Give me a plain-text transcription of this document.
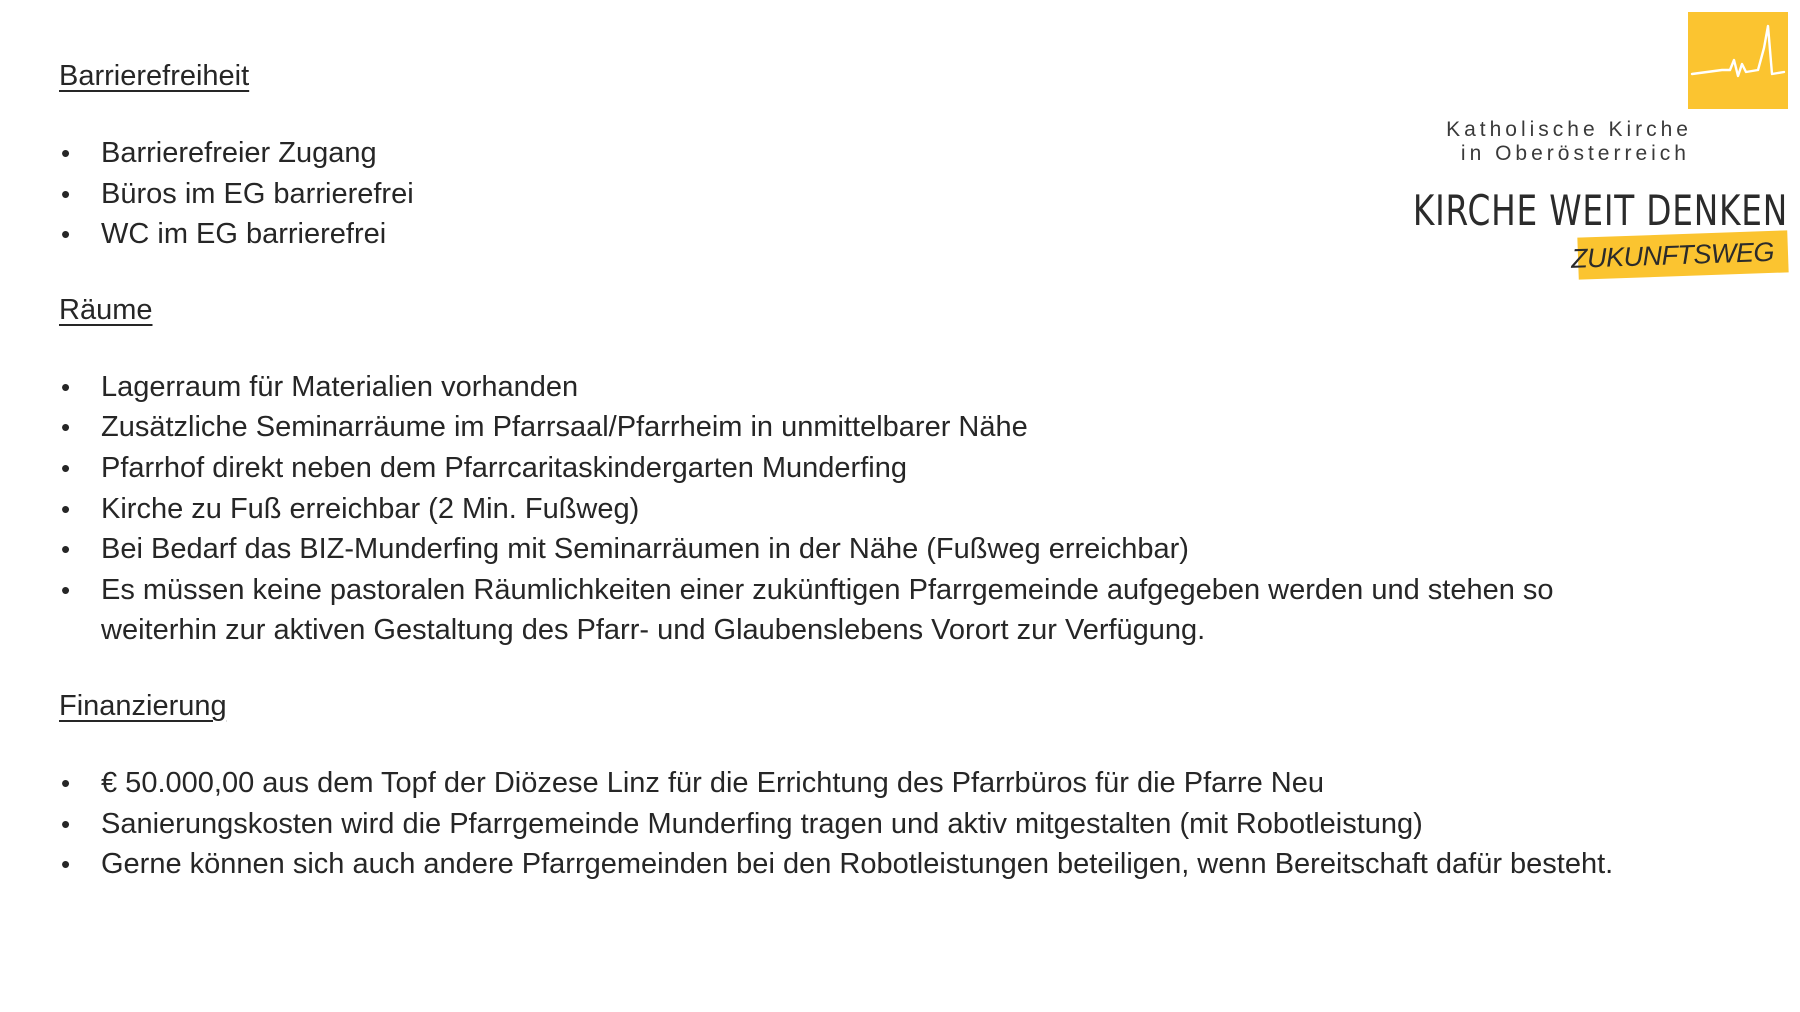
Barrierefreiheit
• Barrierefreier Zugang
• Büros im EG barrierefrei
• WC im EG barrierefrei
Räume
• Lagerraum für Materialien vorhanden
• Zusätzliche Seminarräume im Pfarrsaal/Pfarrheim in unmittelbarer Nähe
• Pfarrhof direkt neben dem Pfarrcaritaskindergarten Munderfing
• Kirche zu Fuß erreichbar (2 Min. Fußweg)
• Bei Bedarf das BIZ-Munderfing mit Seminarräumen in der Nähe (Fußweg erreichbar)
• Es müssen keine pastoralen Räumlichkeiten einer zukünftigen Pfarrgemeinde aufgegeben werden und stehen so weiterhin zur aktiven Gestaltung des Pfarr- und Glaubenslebens Vorort zur Verfügung.
Finanzierung
• € 50.000,00 aus dem Topf der Diözese Linz für die Errichtung des Pfarrbüros für die Pfarre Neu
• Sanierungskosten wird die Pfarrgemeinde Munderfing tragen und aktiv mitgestalten (mit Robotleistung)
• Gerne können sich auch andere Pfarrgemeinden bei den Robotleistungen beteiligen, wenn Bereitschaft dafür besteht.
Katholische Kirche
in Oberösterreich
KIRCHE WEIT DENKEN
ZUKUNFTSWEG
